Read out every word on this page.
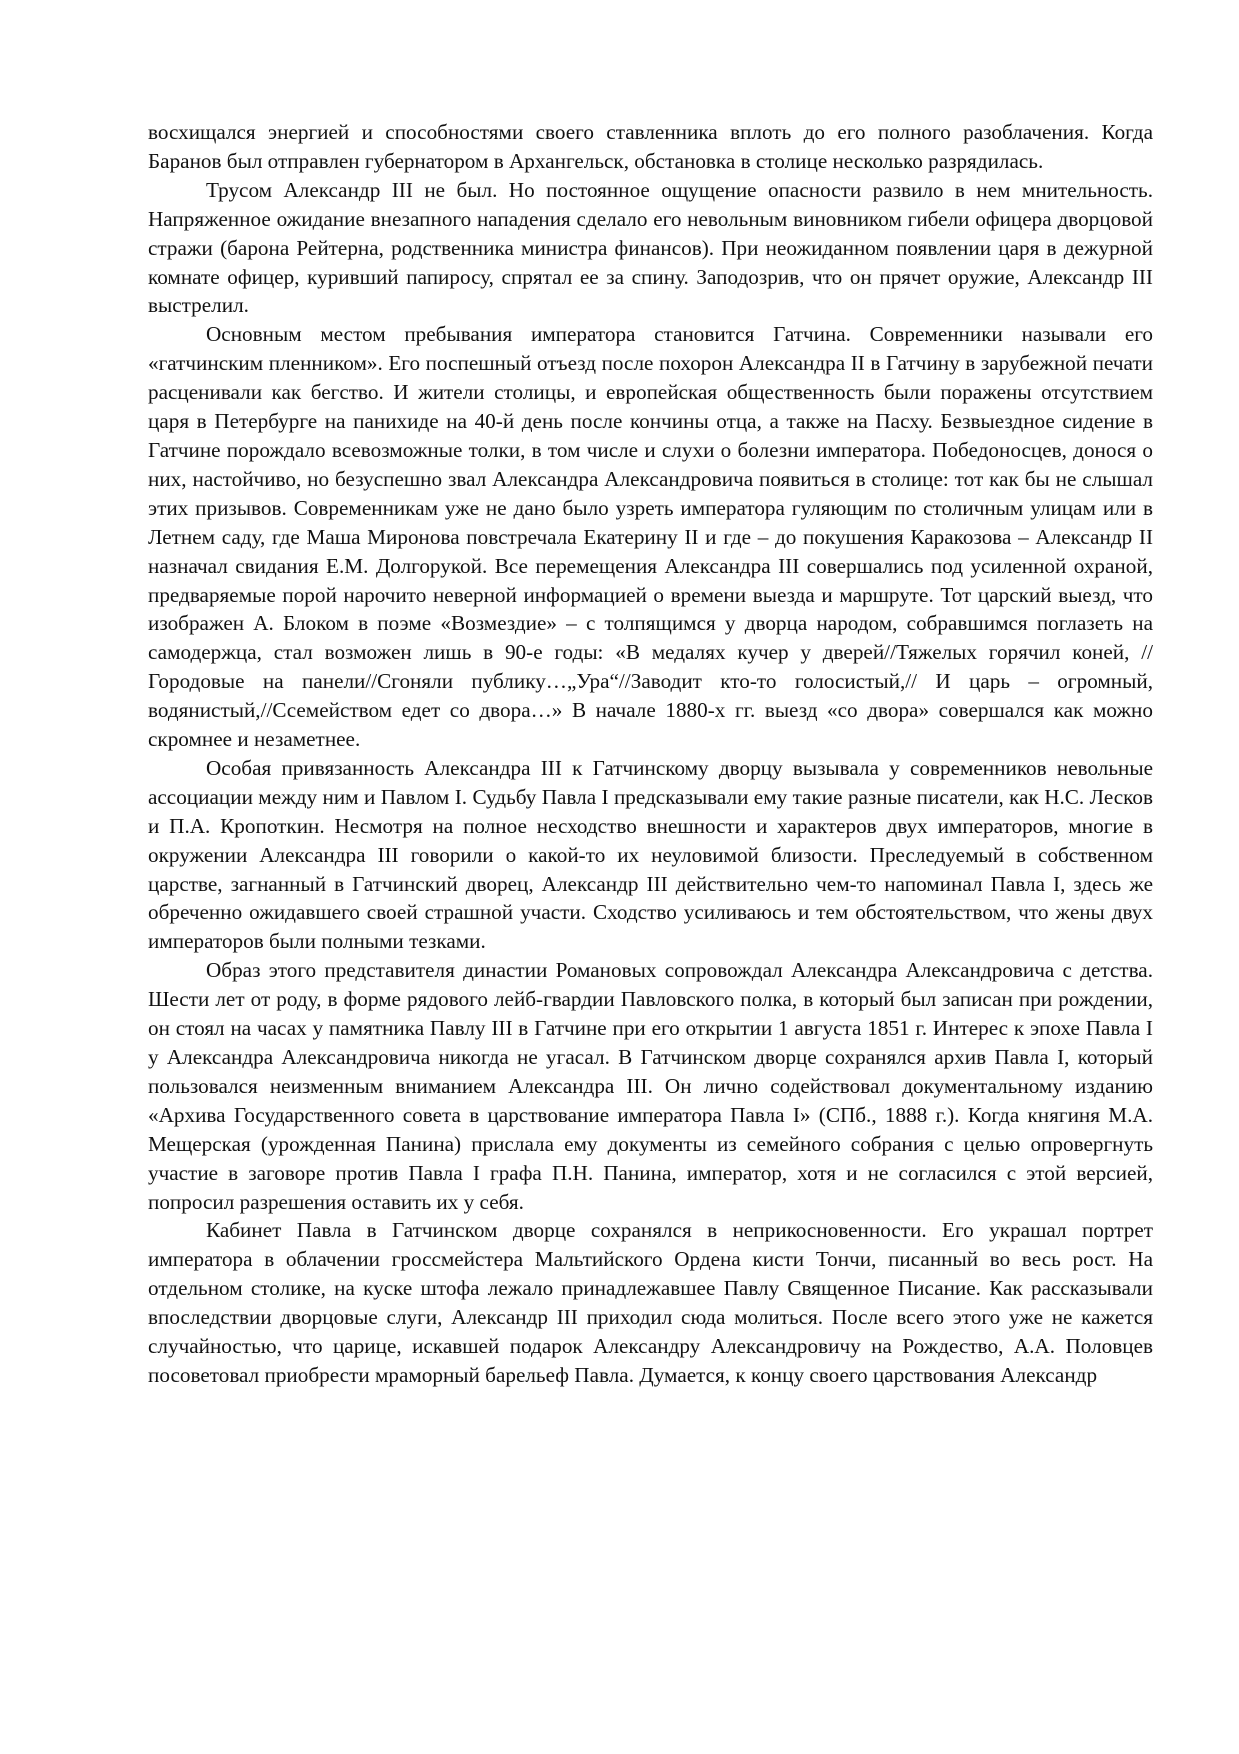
восхищался энергией и способностями своего ставленника вплоть до его полного разоблачения. Когда Баранов был отправлен губернатором в Архангельск, обстановка в столице несколько разрядилась.

Трусом Александр III не был. Но постоянное ощущение опасности развило в нем мнительность. Напряженное ожидание внезапного нападения сделало его невольным виновником гибели офицера дворцовой стражи (барона Рейтерна, родственника министра финансов). При неожиданном появлении царя в дежурной комнате офицер, куривший папиросу, спрятал ее за спину. Заподозрив, что он прячет оружие, Александр III выстрелил.

Основным местом пребывания императора становится Гатчина. Современники называли его «гатчинским пленником». Его поспешный отъезд после похорон Александра II в Гатчину в зарубежной печати расценивали как бегство. И жители столицы, и европейская общественность были поражены отсутствием царя в Петербурге на панихиде на 40-й день после кончины отца, а также на Пасху. Безвыездное сидение в Гатчине порождало всевозможные толки, в том числе и слухи о болезни императора. Победоносцев, донося о них, настойчиво, но безуспешно звал Александра Александровича появиться в столице: тот как бы не слышал этих призывов. Современникам уже не дано было узреть императора гуляющим по столичным улицам или в Летнем саду, где Маша Миронова повстречала Екатерину II и где – до покушения Каракозова – Александр II назначал свидания Е.М. Долгорукой. Все перемещения Александра III совершались под усиленной охраной, предваряемые порой нарочито неверной информацией о времени выезда и маршруте. Тот царский выезд, что изображен А. Блоком в поэме «Возмездие» – с толпящимся у дворца народом, собравшимся поглазеть на самодержца, стал возможен лишь в 90-е годы: «В медалях кучер у дверей//Тяжелых горячил коней, //Городовые на панели//Сгоняли публику…„Ура“//Заводит кто-то голосистый,// И царь – огромный, водянистый,//Ссемейством едет со двора…» В начале 1880-х гг. выезд «со двора» совершался как можно скромнее и незаметнее.

Особая привязанность Александра III к Гатчинскому дворцу вызывала у современников невольные ассоциации между ним и Павлом I. Судьбу Павла I предсказывали ему такие разные писатели, как Н.С. Лесков и П.А. Кропоткин. Несмотря на полное несходство внешности и характеров двух императоров, многие в окружении Александра III говорили о какой-то их неуловимой близости. Преследуемый в собственном царстве, загнанный в Гатчинский дворец, Александр III действительно чем-то напоминал Павла I, здесь же обреченно ожидавшего своей страшной участи. Сходство усиливаюсь и тем обстоятельством, что жены двух императоров были полными тезками.

Образ этого представителя династии Романовых сопровождал Александра Александровича с детства. Шести лет от роду, в форме рядового лейб-гвардии Павловского полка, в который был записан при рождении, он стоял на часах у памятника Павлу III в Гатчине при его открытии 1 августа 1851 г. Интерес к эпохе Павла I у Александра Александровича никогда не угасал. В Гатчинском дворце сохранялся архив Павла I, который пользовался неизменным вниманием Александра III. Он лично содействовал документальному изданию «Архива Государственного совета в царствование императора Павла I» (СПб., 1888 г.). Когда княгиня М.А. Мещерская (урожденная Панина) прислала ему документы из семейного собрания с целью опровергнуть участие в заговоре против Павла I графа П.Н. Панина, император, хотя и не согласился с этой версией, попросил разрешения оставить их у себя.

Кабинет Павла в Гатчинском дворце сохранялся в неприкосновенности. Его украшал портрет императора в облачении гроссмейстера Мальтийского Ордена кисти Тончи, писанный во весь рост. На отдельном столике, на куске штофа лежало принадлежавшее Павлу Священное Писание. Как рассказывали впоследствии дворцовые слуги, Александр III приходил сюда молиться. После всего этого уже не кажется случайностью, что царице, искавшей подарок Александру Александровичу на Рождество, А.А. Половцев посоветовал приобрести мраморный барельеф Павла. Думается, к концу своего царствования Александр
